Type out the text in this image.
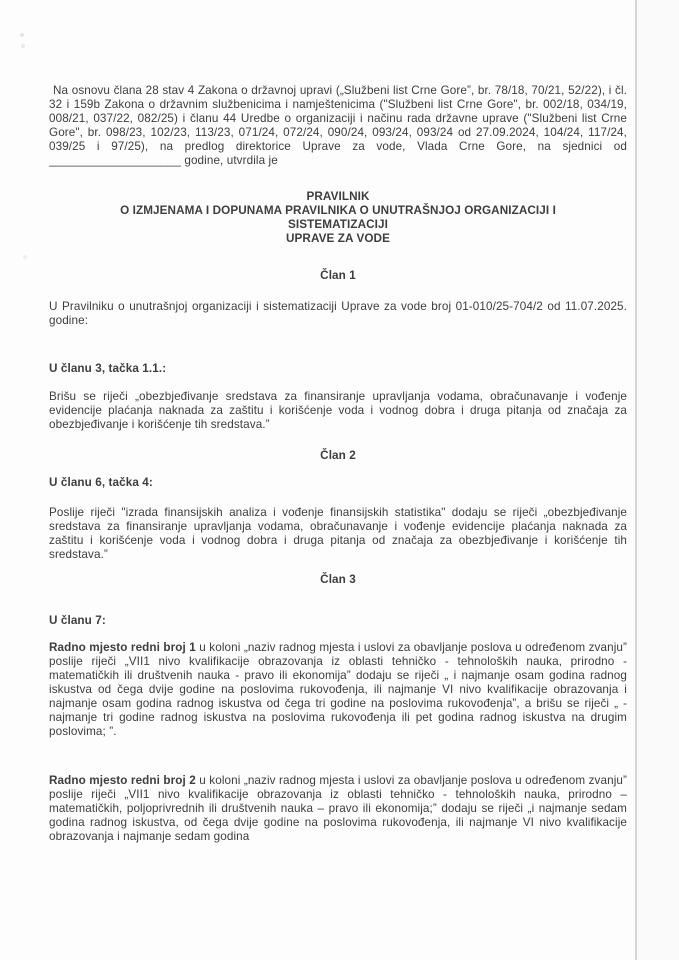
Na osnovu člana 28 stav 4 Zakona o državnoj upravi („Službeni list Crne Gore”, br. 78/18, 70/21, 52/22), i čl. 32 i 159b Zakona o državnim službenicima i namještenicima ("Službeni list Crne Gore", br. 002/18, 034/19, 008/21, 037/22, 082/25) i članu 44 Uredbe o organizaciji i načinu rada državne uprave ("Službeni list Crne Gore", br. 098/23, 102/23, 113/23, 071/24, 072/24, 090/24, 093/24, 093/24 od 27.09.2024, 104/24, 117/24, 039/25 i 97/25), na predlog direktorice Uprave za vode, Vlada Crne Gore, na sjednici od ____________________ godine, utvrdila je

PRAVILNIK
O IZMJENAMA I DOPUNAMA PRAVILNIKA O UNUTRAŠNJOJ ORGANIZACIJI I
SISTEMATIZACIJI
UPRAVE ZA VODE
Član 1

U Pravilniku o unutrašnjoj organizaciji i sistematizaciji Uprave za vode broj 01-010/25-704/2 od 11.07.2025. godine:

U članu 3, tačka 1.1.:

Brišu se riječi „obezbjeđivanje sredstava za finansiranje upravljanja vodama, obračunavanje i vođenje evidencije plaćanja naknada za zaštitu i korišćenje voda i vodnog dobra i druga pitanja od značaja za obezbjeđivanje i korišćenje tih sredstava.”

Član 2
U članu 6, tačka 4:

Poslije riječi "izrada finansijskih analiza i vođenje finansijskih statistika" dodaju se riječi „obezbjeđivanje sredstava za finansiranje upravljanja vodama, obračunavanje i vođenje evidencije plaćanja naknada za zaštitu i korišćenje voda i vodnog dobra i druga pitanja od značaja za obezbjeđivanje i korišćenje tih sredstava.”

Član 3
U članu 7:

Radno mjesto redni broj 1 u koloni „naziv radnog mjesta i uslovi za obavljanje poslova u određenom zvanju” poslije riječi „VII1 nivo kvalifikacije obrazovanja iz oblasti tehničko - tehnoloških nauka, prirodno -matematičkih ili društvenih nauka - pravo ili ekonomija” dodaju se riječi „ i najmanje osam godina radnog iskustva od čega dvije godine na poslovima rukovođenja, ili najmanje VI nivo kvalifikacije obrazovanja i najmanje osam godina radnog iskustva od čega tri godine na poslovima rukovođenja”, a brišu se riječi „ -najmanje tri godine radnog iskustva na poslovima rukovođenja ili pet godina radnog iskustva na drugim poslovima; ”.

Radno mjesto redni broj 2 u koloni „naziv radnog mjesta i uslovi za obavljanje poslova u određenom zvanju” poslije riječi „VII1 nivo kvalifikacije obrazovanja iz oblasti tehničko - tehnoloških nauka, prirodno –matematičkih, poljoprivrednih ili društvenih nauka – pravo ili ekonomija;” dodaju se riječi „i najmanje sedam godina radnog iskustva, od čega dvije godine na poslovima rukovođenja, ili najmanje VI nivo kvalifikacije obrazovanja i najmanje sedam godina
